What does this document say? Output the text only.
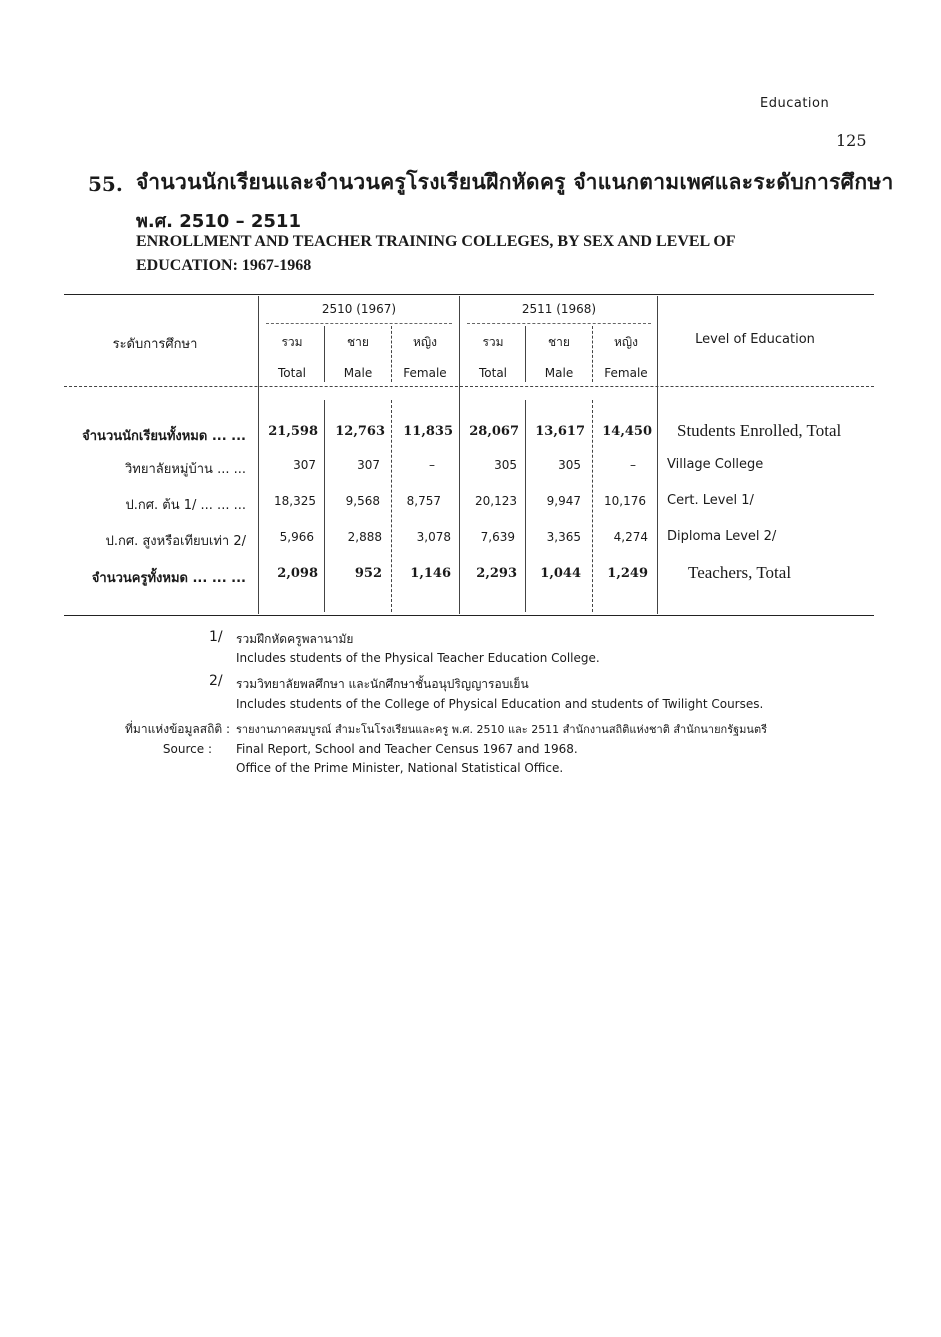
Education
125
55. จำนวนนักเรียนและจำนวนครูโรงเรียนฝึกหัดครู จำแนกตามเพศและระดับการศึกษา
พ.ศ. 2510 – 2511
ENROLLMENT AND TEACHER TRAINING COLLEGES, BY SEX AND LEVEL OF
EDUCATION: 1967-1968
ระดับการศึกษา	Level of Education
2510 (1967)	2511 (1968)
รวม	ชาย	หญิง	รวม	ชาย	หญิง
Total	Male	Female	Total	Male	Female
จำนวนนักเรียนทั้งหมด ... ...	21,598	12,763	11,835	28,067	13,617	14,450 Students Enrolled, Total
วิทยาลัยหมู่บ้าน ... ...	307	307	–	305	305	– Village College
ป.กศ. ต้น 1/ ... ... ...	18,325	9,568	8,757	20,123	9,947	10,176 Cert. Level 1/
ป.กศ. สูงหรือเทียบเท่า 2/	5,966	2,888	3,078	7,639	3,365	4,274 Diploma Level 2/
จำนวนครูทั้งหมด ... ... ...	2,098	952	1,146	2,293	1,044	1,249 Teachers, Total
1/ รวมฝึกหัดครูพลานามัย
Includes students of the Physical Teacher Education College.
2/ รวมวิทยาลัยพลศึกษา และนักศึกษาชั้นอนุปริญญารอบเย็น
Includes students of the College of Physical Education and students of Twilight Courses.
ที่มาแห่งข้อมูลสถิติ : รายงานภาคสมบูรณ์ สำมะโนโรงเรียนและครู พ.ศ. 2510 และ 2511 สำนักงานสถิติแห่งชาติ สำนักนายกรัฐมนตรี
Source : Final Report, School and Teacher Census 1967 and 1968.
Office of the Prime Minister, National Statistical Office.
